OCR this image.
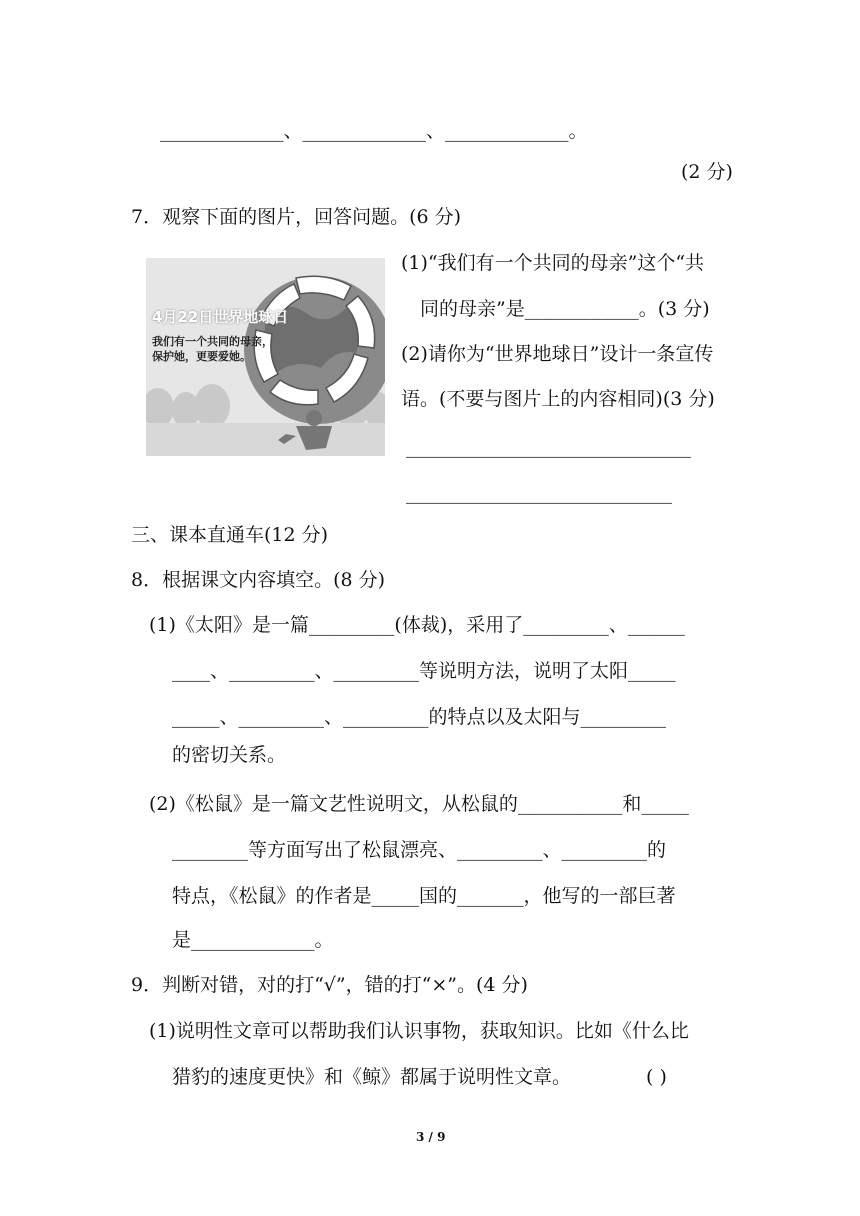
_____________、_____________、_____________。
(2 分)
7．观察下面的图片，回答问题。(6 分)
4月22日世界地球日
我们有一个共同的母亲，
保护她，更要爱她。
(1)“我们有一个共同的母亲”这个“共
同的母亲”是____________。(3 分)
(2)请你为“世界地球日”设计一条宣传
语。(不要与图片上的内容相同)(3 分)
______________________________
____________________________
三、课本直通车(12 分)
8．根据课文内容填空。(8 分)
(1)《太阳》是一篇_________(体裁)，采用了_________、______
____、_________、_________等说明方法，说明了太阳_____
_____、_________、_________的特点以及太阳与_________
的密切关系。
(2)《松鼠》是一篇文艺性说明文，从松鼠的___________和_____
________等方面写出了松鼠漂亮、_________、_________的
特点，《松鼠》的作者是_____国的_______，他写的一部巨著
是_____________。
9．判断对错，对的打“√”，错的打“×”。(4 分)
(1)说明性文章可以帮助我们认识事物，获取知识。比如《什么比
猎豹的速度更快》和《鲸》都属于说明性文章。	( )
3 / 9
